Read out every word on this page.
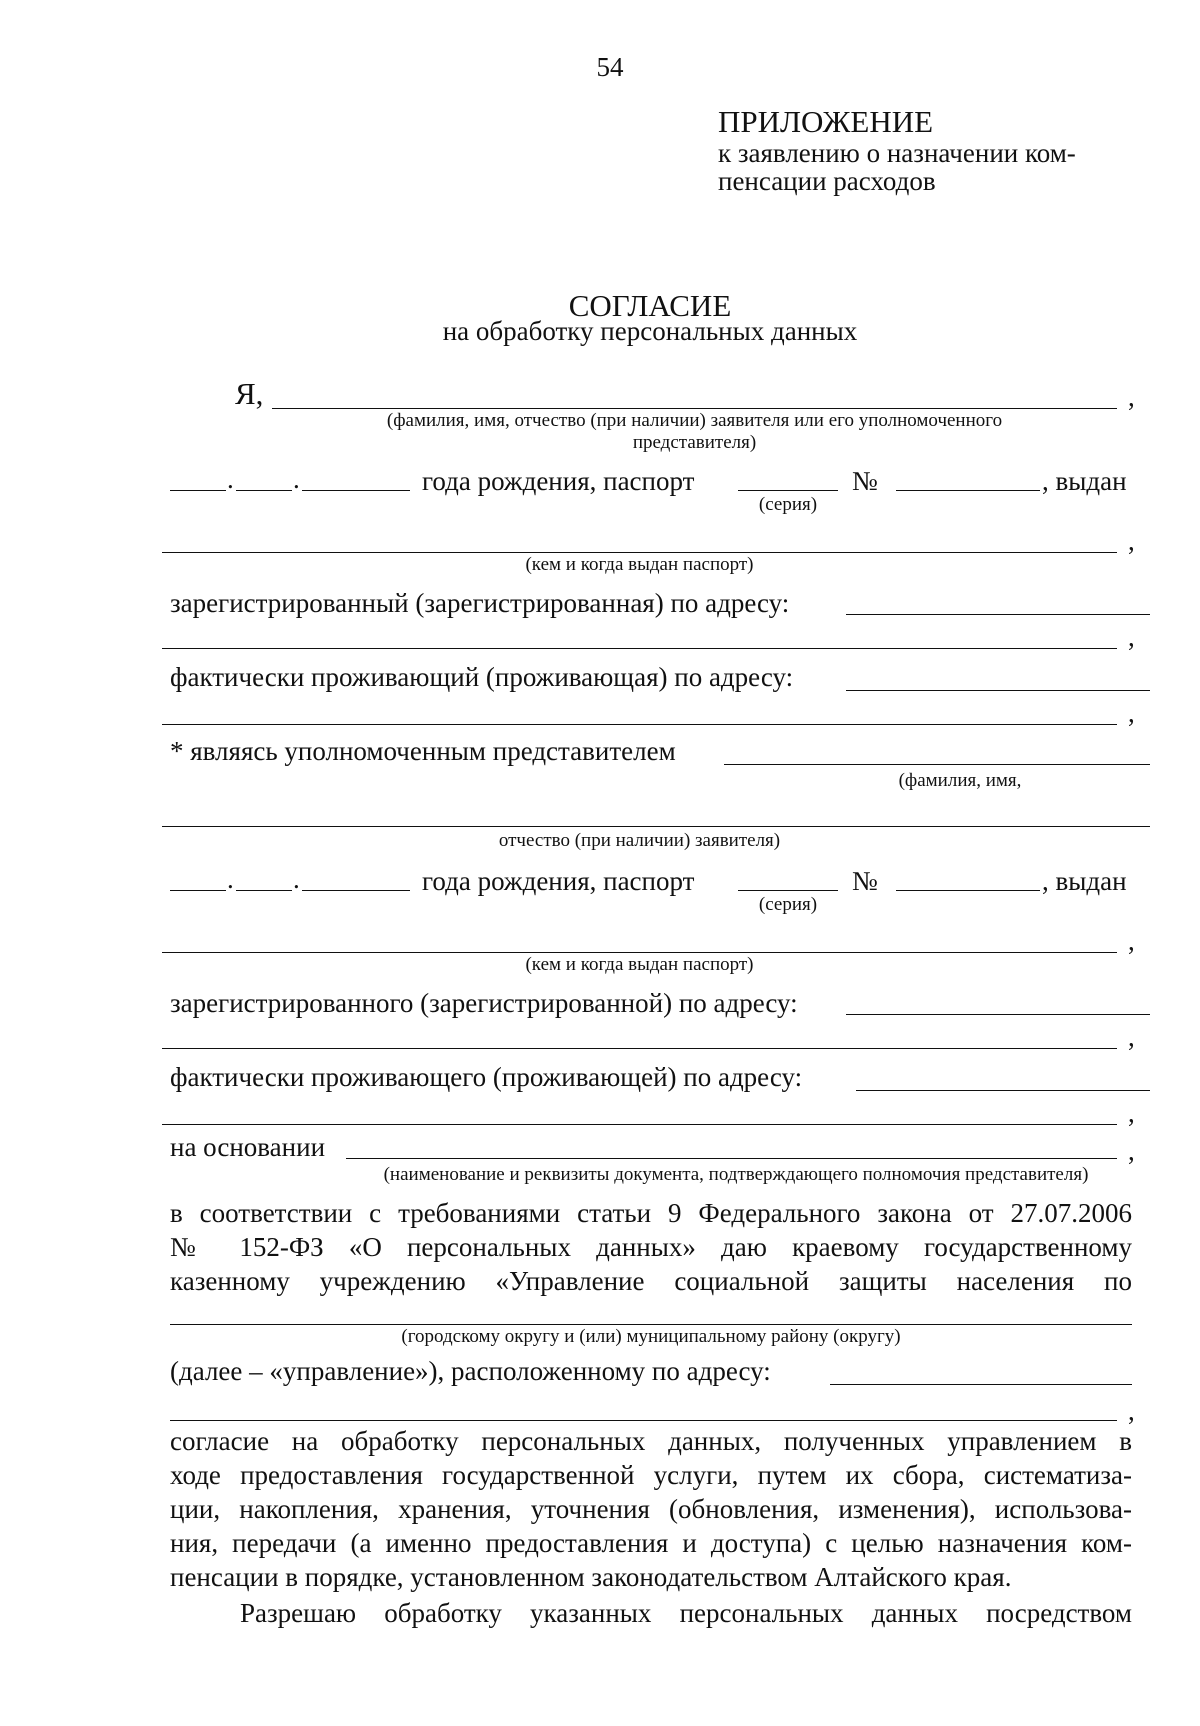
54
ПРИЛОЖЕНИЕ
к заявлению о назначении ком-
пенсации расходов
СОГЛАСИЕ
на обработку персональных данных
Я,	,
(фамилия, имя, отчество (при наличии) заявителя или его уполномоченного
представителя)
. .	года рождения, паспорт
(серия)
№	, выдан
,
(кем и когда выдан паспорт)
зарегистрированный (зарегистрированная) по адресу:
,
фактически проживающий (проживающая) по адресу:
,
* являясь уполномоченным представителем
(фамилия, имя,
отчество (при наличии) заявителя)
. .	года рождения, паспорт
(серия)
№	, выдан
,
(кем и когда выдан паспорт)
зарегистрированного (зарегистрированной) по адресу:
,
фактически проживающего (проживающей) по адресу:
,
на основании	,
(наименование и реквизиты документа, подтверждающего полномочия представителя)
в соответствии с требованиями статьи 9 Федерального закона от 27.07.2006
№ 152-ФЗ «О персональных данных» даю краевому государственному
казенному учреждению «Управление социальной защиты населения по
(городскому округу и (или) муниципальному району (округу)
(далее – «управление»), расположенному по адресу:
,
согласие на обработку персональных данных, полученных управлением в
ходе предоставления государственной услуги, путем их сбора, систематиза-
ции, накопления, хранения, уточнения (обновления, изменения), использова-
ния, передачи (а именно предоставления и доступа) с целью назначения ком-
пенсации в порядке, установленном законодательством Алтайского края.
Разрешаю обработку указанных персональных данных посредством
